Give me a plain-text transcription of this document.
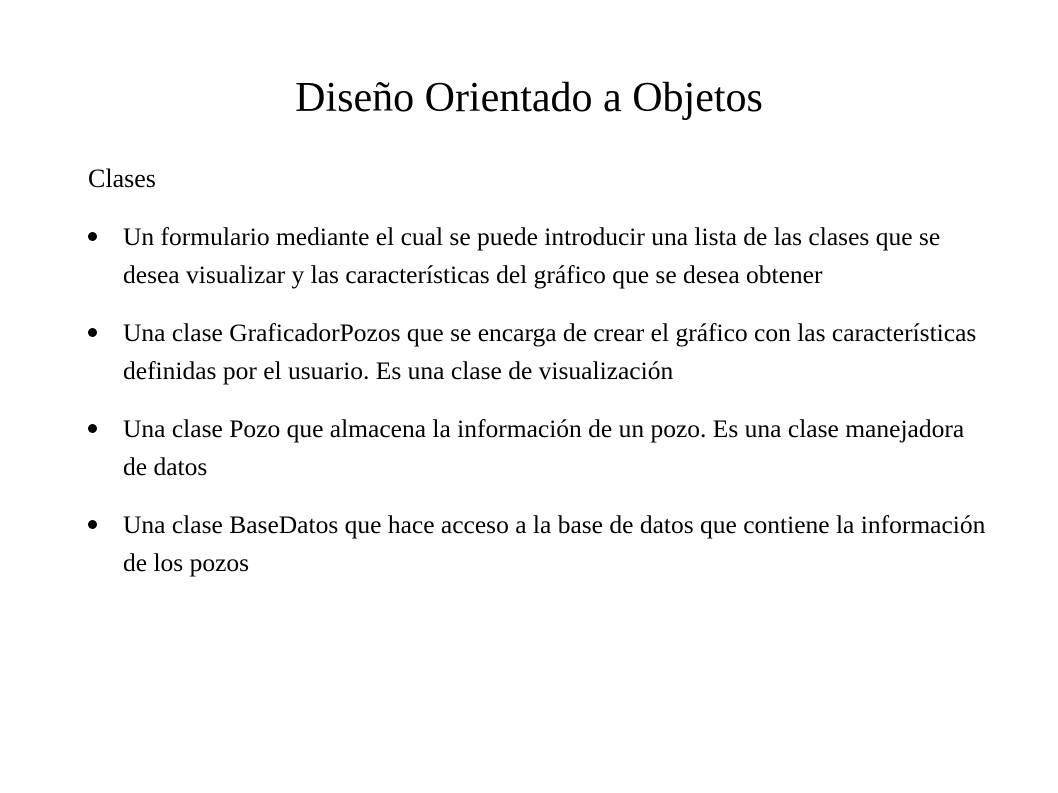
Diseño Orientado a Objetos

Clases

Un formulario mediante el cual se puede introducir una lista de las clases que se desea visualizar y las características del gráfico que se desea obtener
Una clase GraficadorPozos que se encarga de crear el gráfico con las características definidas por el usuario. Es una clase de visualización
Una clase Pozo que almacena la información de un pozo. Es una clase manejadora de datos
Una clase BaseDatos que hace acceso a la base de datos que contiene la información de los pozos
